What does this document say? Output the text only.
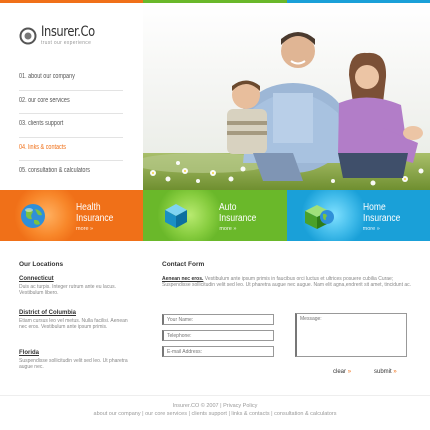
Insurer.Co
trust our experience
01. about our company
02. our core services
03. clients support
04. links & contacts
05. consultation & calculators
Health
Insurance
more »
Auto
Insurance
more »
Home
Insurance
more »
Our Locations
Connecticut
Duis ac turpis. Integer rutrum ante eu lacus. Vestibulum libero.
District of Columbia
Etiam cursus leo vel metus. Nulla facilisi. Aenean nec eros. Vestibulum ante ipsum primis.
Florida
Suspendisse sollicitudin velit sed leo. Ut pharetra augue nec.
Contact Form
Aenean nec eros. Vestibulum ante ipsum primis in faucibus orci luctus et ultrices posuere cubilia Curae; Suspendisse sollicitudin velit sed leo. Ut pharetra augue nec augue. Nam elit agna,endrerit sit amet, tincidunt ac.
Your Name:
Telephone:
E-mail Address:
Message:
clear »	submit »
Insurer.CO © 2007 | Privacy Policy
about our company | our core services | clients support | links & contacts | consultation & calculators
